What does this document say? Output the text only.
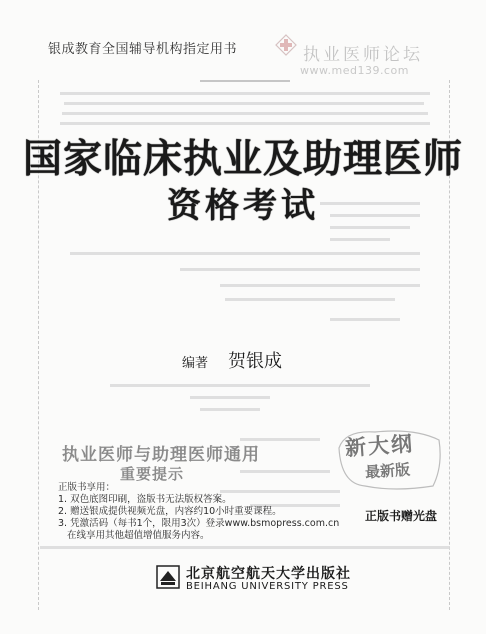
银成教育全国辅导机构指定用书	执业医师论坛
www.med139.com
国家临床执业及助理医师
资格考试
编著 贺银成
执业医师与助理医师通用
重要提示
新大纲
最新版
正版书赠光盘
正版书享用：
1. 双色底图印刷，盗版书无法版权答案。
2. 赠送银成提供视频光盘，内容约10小时重要课程。
3. 凭激活码（每书1个，限用3次）登录www.bsmopress.com.cn
在线享用其他超值增值服务内容。
北京航空航天大学出版社
BEIHANG UNIVERSITY PRESS
